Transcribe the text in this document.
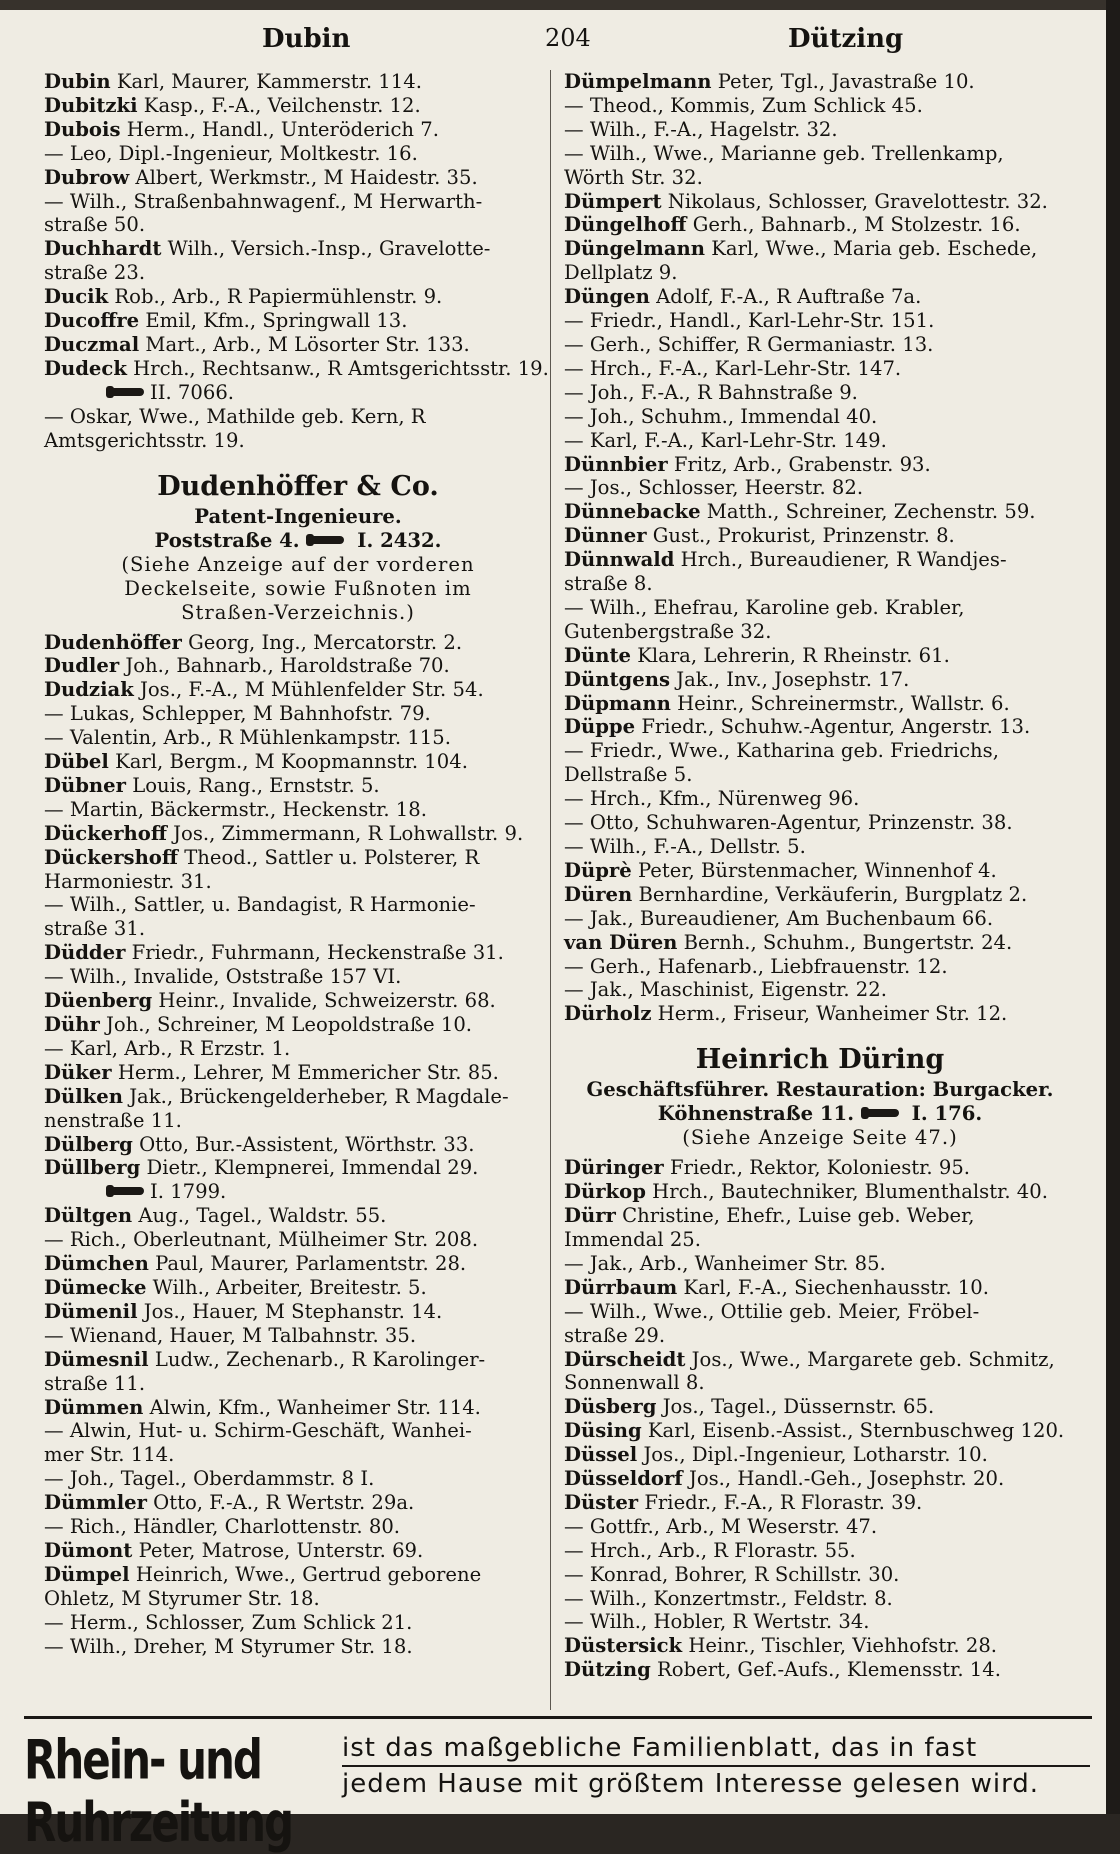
Dubin	204	Dützing
Dubin Karl, Maurer, Kammerstr. 114.
Dubitzki Kasp., F.-A., Veilchenstr. 12.
Dubois Herm., Handl., Unteröderich 7.
— Leo, Dipl.-Ingenieur, Moltkestr. 16.
Dubrow Albert, Werkmstr., M Haidestr. 35.
— Wilh., Straßenbahnwagenf., M Herwarth-
straße 50.
Duchhardt Wilh., Versich.-Insp., Gravelotte-
straße 23.
Ducik Rob., Arb., R Papiermühlenstr. 9.
Ducoffre Emil, Kfm., Springwall 13.
Duczmal Mart., Arb., M Lösorter Str. 133.
Dudeck Hrch., Rechtsanw., R Amtsgerichtsstr. 19.
II. 7066.
— Oskar, Wwe., Mathilde geb. Kern, R
Amtsgerichtsstr. 19.
Dudenhöffer & Co.
Patent-Ingenieure.
Poststraße 4.	I. 2432.
(Siehe Anzeige auf der vorderen
Deckelseite, sowie Fußnoten im
Straßen-Verzeichnis.)
Dudenhöffer Georg, Ing., Mercatorstr. 2.
Dudler Joh., Bahnarb., Haroldstraße 70.
Dudziak Jos., F.-A., M Mühlenfelder Str. 54.
— Lukas, Schlepper, M Bahnhofstr. 79.
— Valentin, Arb., R Mühlenkampstr. 115.
Dübel Karl, Bergm., M Koopmannstr. 104.
Dübner Louis, Rang., Ernststr. 5.
— Martin, Bäckermstr., Heckenstr. 18.
Dückerhoff Jos., Zimmermann, R Lohwallstr. 9.
Dückershoff Theod., Sattler u. Polsterer, R
Harmoniestr. 31.
— Wilh., Sattler, u. Bandagist, R Harmonie-
straße 31.
Düdder Friedr., Fuhrmann, Heckenstraße 31.
— Wilh., Invalide, Oststraße 157 VI.
Düenberg Heinr., Invalide, Schweizerstr. 68.
Dühr Joh., Schreiner, M Leopoldstraße 10.
— Karl, Arb., R Erzstr. 1.
Düker Herm., Lehrer, M Emmericher Str. 85.
Dülken Jak., Brückengelderheber, R Magdale-
nenstraße 11.
Dülberg Otto, Bur.-Assistent, Wörthstr. 33.
Düllberg Dietr., Klempnerei, Immendal 29.
I. 1799.
Dültgen Aug., Tagel., Waldstr. 55.
— Rich., Oberleutnant, Mülheimer Str. 208.
Dümchen Paul, Maurer, Parlamentstr. 28.
Dümecke Wilh., Arbeiter, Breitestr. 5.
Dümenil Jos., Hauer, M Stephanstr. 14.
— Wienand, Hauer, M Talbahnstr. 35.
Dümesnil Ludw., Zechenarb., R Karolinger-
straße 11.
Dümmen Alwin, Kfm., Wanheimer Str. 114.
— Alwin, Hut- u. Schirm-Geschäft, Wanhei-
mer Str. 114.
— Joh., Tagel., Oberdammstr. 8 I.
Dümmler Otto, F.-A., R Wertstr. 29a.
— Rich., Händler, Charlottenstr. 80.
Dümont Peter, Matrose, Unterstr. 69.
Dümpel Heinrich, Wwe., Gertrud geborene
Ohletz, M Styrumer Str. 18.
— Herm., Schlosser, Zum Schlick 21.
— Wilh., Dreher, M Styrumer Str. 18.
Dümpelmann Peter, Tgl., Javastraße 10.
— Theod., Kommis, Zum Schlick 45.
— Wilh., F.-A., Hagelstr. 32.
— Wilh., Wwe., Marianne geb. Trellenkamp,
Wörth Str. 32.
Dümpert Nikolaus, Schlosser, Gravelottestr. 32.
Düngelhoff Gerh., Bahnarb., M Stolzestr. 16.
Düngelmann Karl, Wwe., Maria geb. Eschede,
Dellplatz 9.
Düngen Adolf, F.-A., R Auftraße 7a.
— Friedr., Handl., Karl-Lehr-Str. 151.
— Gerh., Schiffer, R Germaniastr. 13.
— Hrch., F.-A., Karl-Lehr-Str. 147.
— Joh., F.-A., R Bahnstraße 9.
— Joh., Schuhm., Immendal 40.
— Karl, F.-A., Karl-Lehr-Str. 149.
Dünnbier Fritz, Arb., Grabenstr. 93.
— Jos., Schlosser, Heerstr. 82.
Dünnebacke Matth., Schreiner, Zechenstr. 59.
Dünner Gust., Prokurist, Prinzenstr. 8.
Dünnwald Hrch., Bureaudiener, R Wandjes-
straße 8.
— Wilh., Ehefrau, Karoline geb. Krabler,
Gutenbergstraße 32.
Dünte Klara, Lehrerin, R Rheinstr. 61.
Düntgens Jak., Inv., Josephstr. 17.
Düpmann Heinr., Schreinermstr., Wallstr. 6.
Düppe Friedr., Schuhw.-Agentur, Angerstr. 13.
— Friedr., Wwe., Katharina geb. Friedrichs,
Dellstraße 5.
— Hrch., Kfm., Nürenweg 96.
— Otto, Schuhwaren-Agentur, Prinzenstr. 38.
— Wilh., F.-A., Dellstr. 5.
Düprè Peter, Bürstenmacher, Winnenhof 4.
Düren Bernhardine, Verkäuferin, Burgplatz 2.
— Jak., Bureaudiener, Am Buchenbaum 66.
van Düren Bernh., Schuhm., Bungertstr. 24.
— Gerh., Hafenarb., Liebfrauenstr. 12.
— Jak., Maschinist, Eigenstr. 22.
Dürholz Herm., Friseur, Wanheimer Str. 12.
Heinrich Düring
Geschäftsführer. Restauration: Burgacker.
Köhnenstraße 11.	I. 176.
(Siehe Anzeige Seite 47.)
Düringer Friedr., Rektor, Koloniestr. 95.
Dürkop Hrch., Bautechniker, Blumenthalstr. 40.
Dürr Christine, Ehefr., Luise geb. Weber,
Immendal 25.
— Jak., Arb., Wanheimer Str. 85.
Dürrbaum Karl, F.-A., Siechenhausstr. 10.
— Wilh., Wwe., Ottilie geb. Meier, Fröbel-
straße 29.
Dürscheidt Jos., Wwe., Margarete geb. Schmitz,
Sonnenwall 8.
Düsberg Jos., Tagel., Düssernstr. 65.
Düsing Karl, Eisenb.-Assist., Sternbuschweg 120.
Düssel Jos., Dipl.-Ingenieur, Lotharstr. 10.
Düsseldorf Jos., Handl.-Geh., Josephstr. 20.
Düster Friedr., F.-A., R Florastr. 39.
— Gottfr., Arb., M Weserstr. 47.
— Hrch., Arb., R Florastr. 55.
— Konrad, Bohrer, R Schillstr. 30.
— Wilh., Konzertmstr., Feldstr. 8.
— Wilh., Hobler, R Wertstr. 34.
Düstersick Heinr., Tischler, Viehhofstr. 28.
Dützing Robert, Gef.-Aufs., Klemensstr. 14.
Rhein- und Ruhrzeitung
ist das maßgebliche Familienblatt, das in fast
jedem Hause mit größtem Interesse gelesen wird.
